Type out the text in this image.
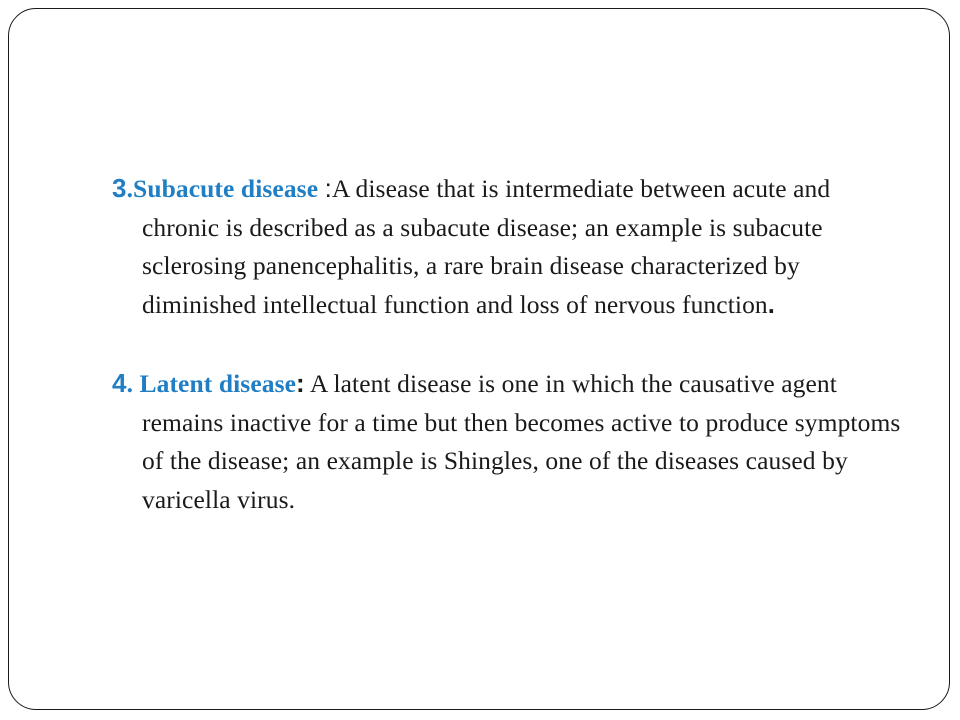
3.Subacute disease :A disease that is intermediate between acute and chronic is described as a subacute disease; an example is subacute sclerosing panencephalitis, a rare brain disease characterized by diminished intellectual function and loss of nervous function.

4. Latent disease: A latent disease is one in which the causative agent remains inactive for a time but then becomes active to produce symptoms of the disease; an example is Shingles, one of the diseases caused by varicella virus.
